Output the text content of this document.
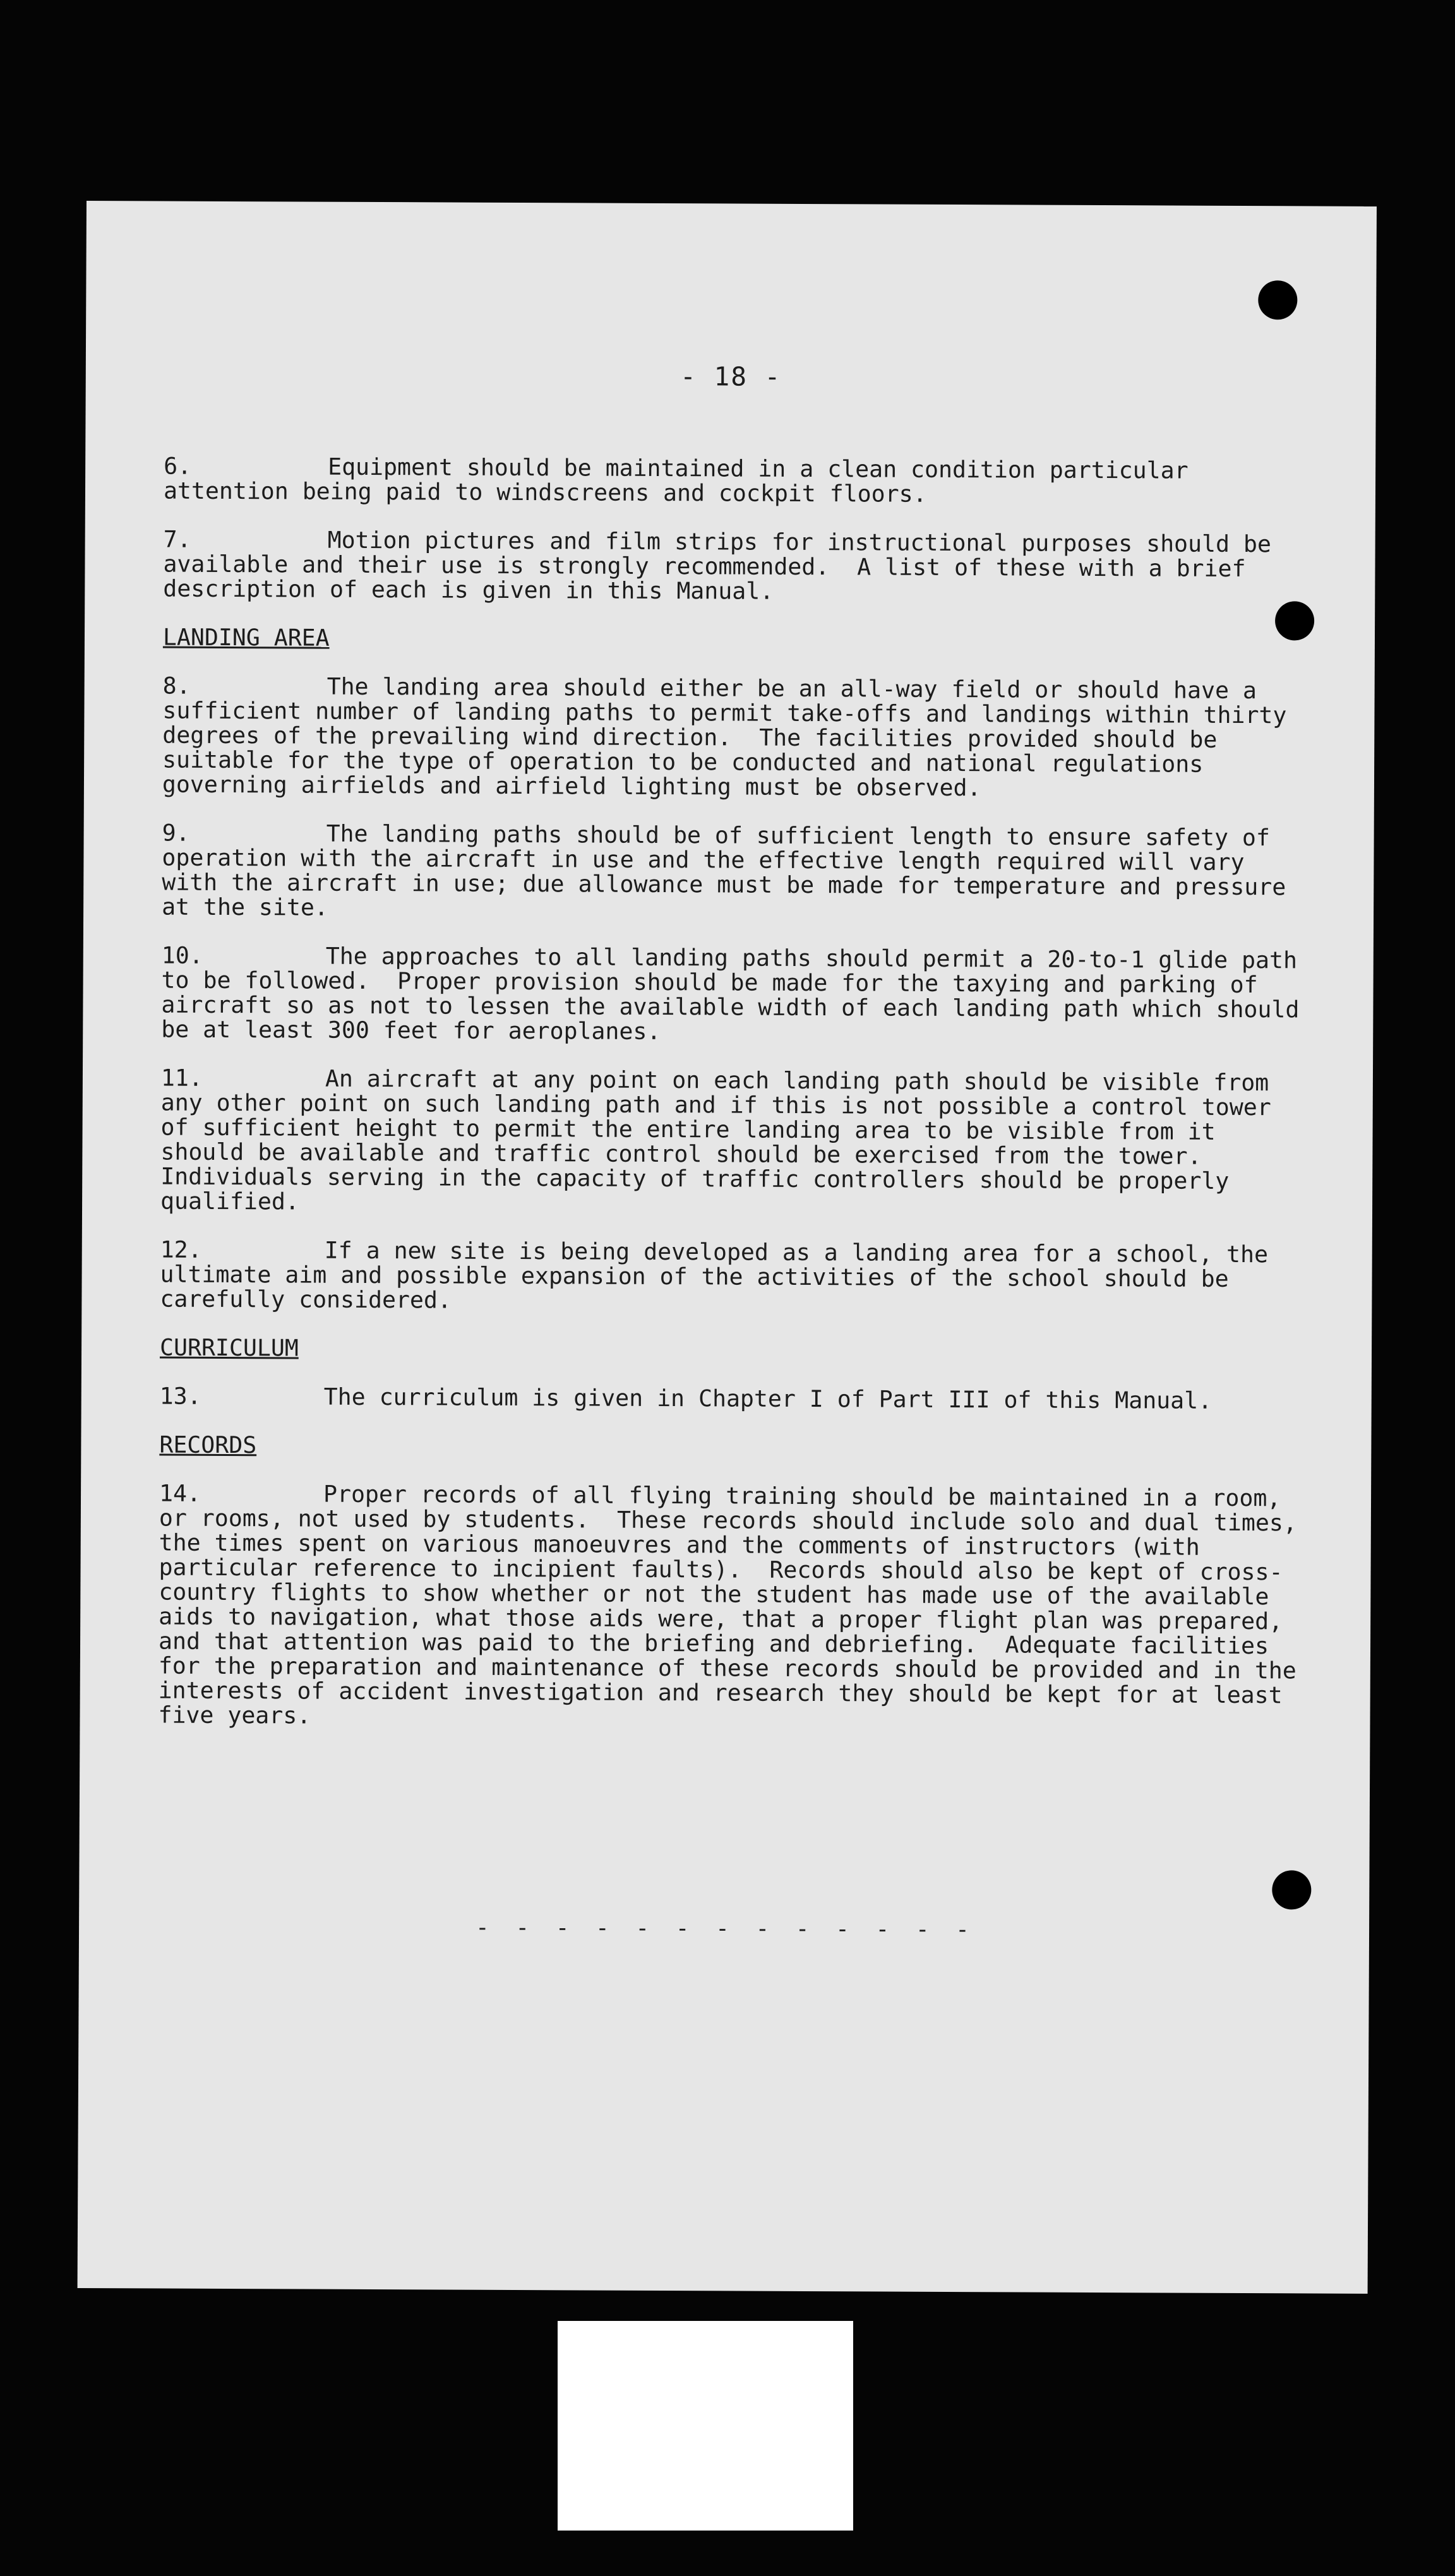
- 18 -

6.	Equipment should be maintained in a clean condition particular attention being paid to windscreens and cockpit floors.

7.	Motion pictures and film strips for instructional purposes should be available and their use is strongly recommended.  A list of these with a brief description of each is given in this Manual.

LANDING AREA

8.	The landing area should either be an all-way field or should have a sufficient number of landing paths to permit take-offs and landings within thirty degrees of the prevailing wind direction.  The facilities provided should be suitable for the type of operation to be conducted and national regulations governing airfields and airfield lighting must be observed.

9.	The landing paths should be of sufficient length to ensure safety of operation with the aircraft in use and the effective length required will vary with the aircraft in use; due allowance must be made for temperature and pressure at the site.

10.	The approaches to all landing paths should permit a 20-to-1 glide path to be followed.  Proper provision should be made for the taxying and parking of aircraft so as not to lessen the available width of each landing path which should be at least 300 feet for aeroplanes.

11.	An aircraft at any point on each landing path should be visible from any other point on such landing path and if this is not possible a control tower of sufficient height to permit the entire landing area to be visible from it should be available and traffic control should be exercised from the tower.  Individuals serving in the capacity of traffic controllers should be properly qualified.

12.	If a new site is being developed as a landing area for a school, the ultimate aim and possible expansion of the activities of the school should be carefully considered.

CURRICULUM

13.	The curriculum is given in Chapter I of Part III of this Manual.

RECORDS

14.	Proper records of all flying training should be maintained in a room, or rooms, not used by students.  These records should include solo and dual times, the times spent on various manoeuvres and the comments of instructors (with particular reference to incipient faults).  Records should also be kept of cross-country flights to show whether or not the student has made use of the available aids to navigation, what those aids were, that a proper flight plan was prepared, and that attention was paid to the briefing and debriefing.  Adequate facilities for the preparation and maintenance of these records should be provided and in the interests of accident investigation and research they should be kept for at least five years.

- - - - - - - - - - - - -
